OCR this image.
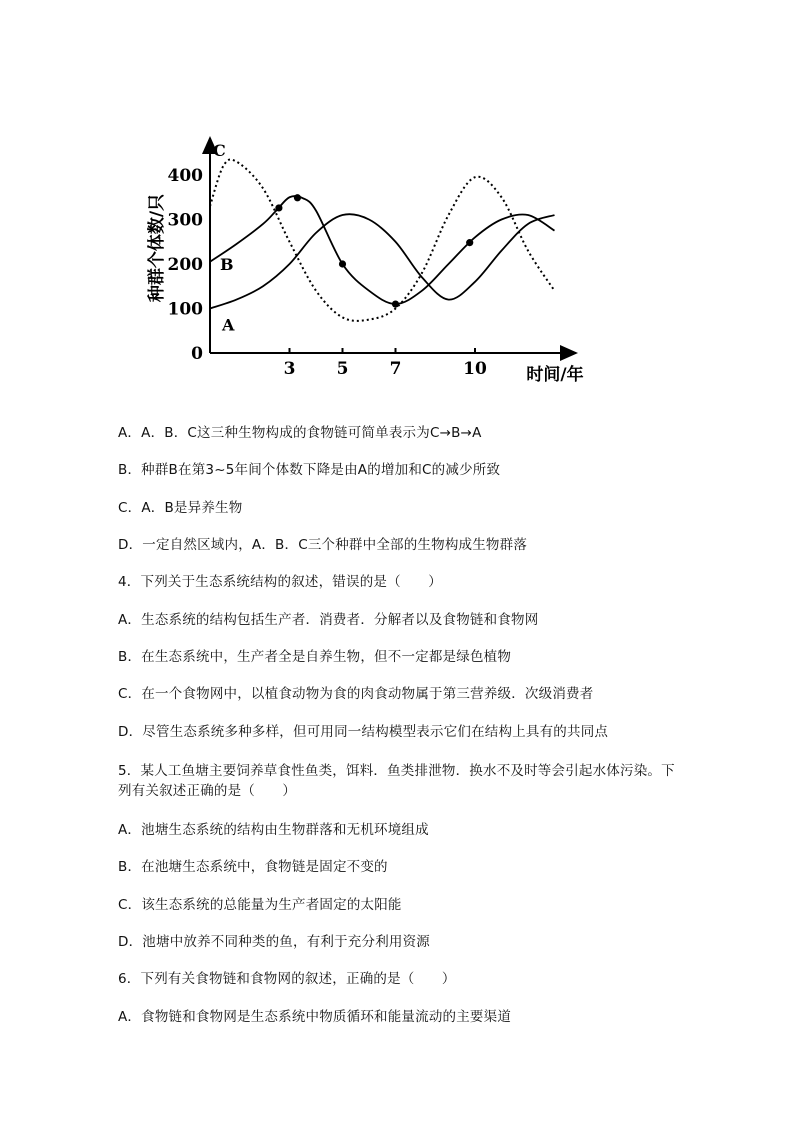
种群个体数/只
时间/年
0
100
200
300
400
3 5 7	10
A
B
C
A．A．B．C这三种生物构成的食物链可简单表示为C→B→A
B．种群B在第3~5年间个体数下降是由A的增加和C的减少所致
C．A．B是异养生物
D．一定自然区域内，A．B．C三个种群中全部的生物构成生物群落
4．下列关于生态系统结构的叙述，错误的是（　　）
A．生态系统的结构包括生产者．消费者．分解者以及食物链和食物网
B．在生态系统中，生产者全是自养生物，但不一定都是绿色植物
C．在一个食物网中，以植食动物为食的肉食动物属于第三营养级．次级消费者
D．尽管生态系统多种多样，但可用同一结构模型表示它们在结构上具有的共同点
5．某人工鱼塘主要饲养草食性鱼类，饵料．鱼类排泄物．换水不及时等会引起水体污染。下列有关叙述正确的是（　　）
A．池塘生态系统的结构由生物群落和无机环境组成
B．在池塘生态系统中，食物链是固定不变的
C．该生态系统的总能量为生产者固定的太阳能
D．池塘中放养不同种类的鱼，有利于充分利用资源
6．下列有关食物链和食物网的叙述，正确的是（　　）
A．食物链和食物网是生态系统中物质循环和能量流动的主要渠道
